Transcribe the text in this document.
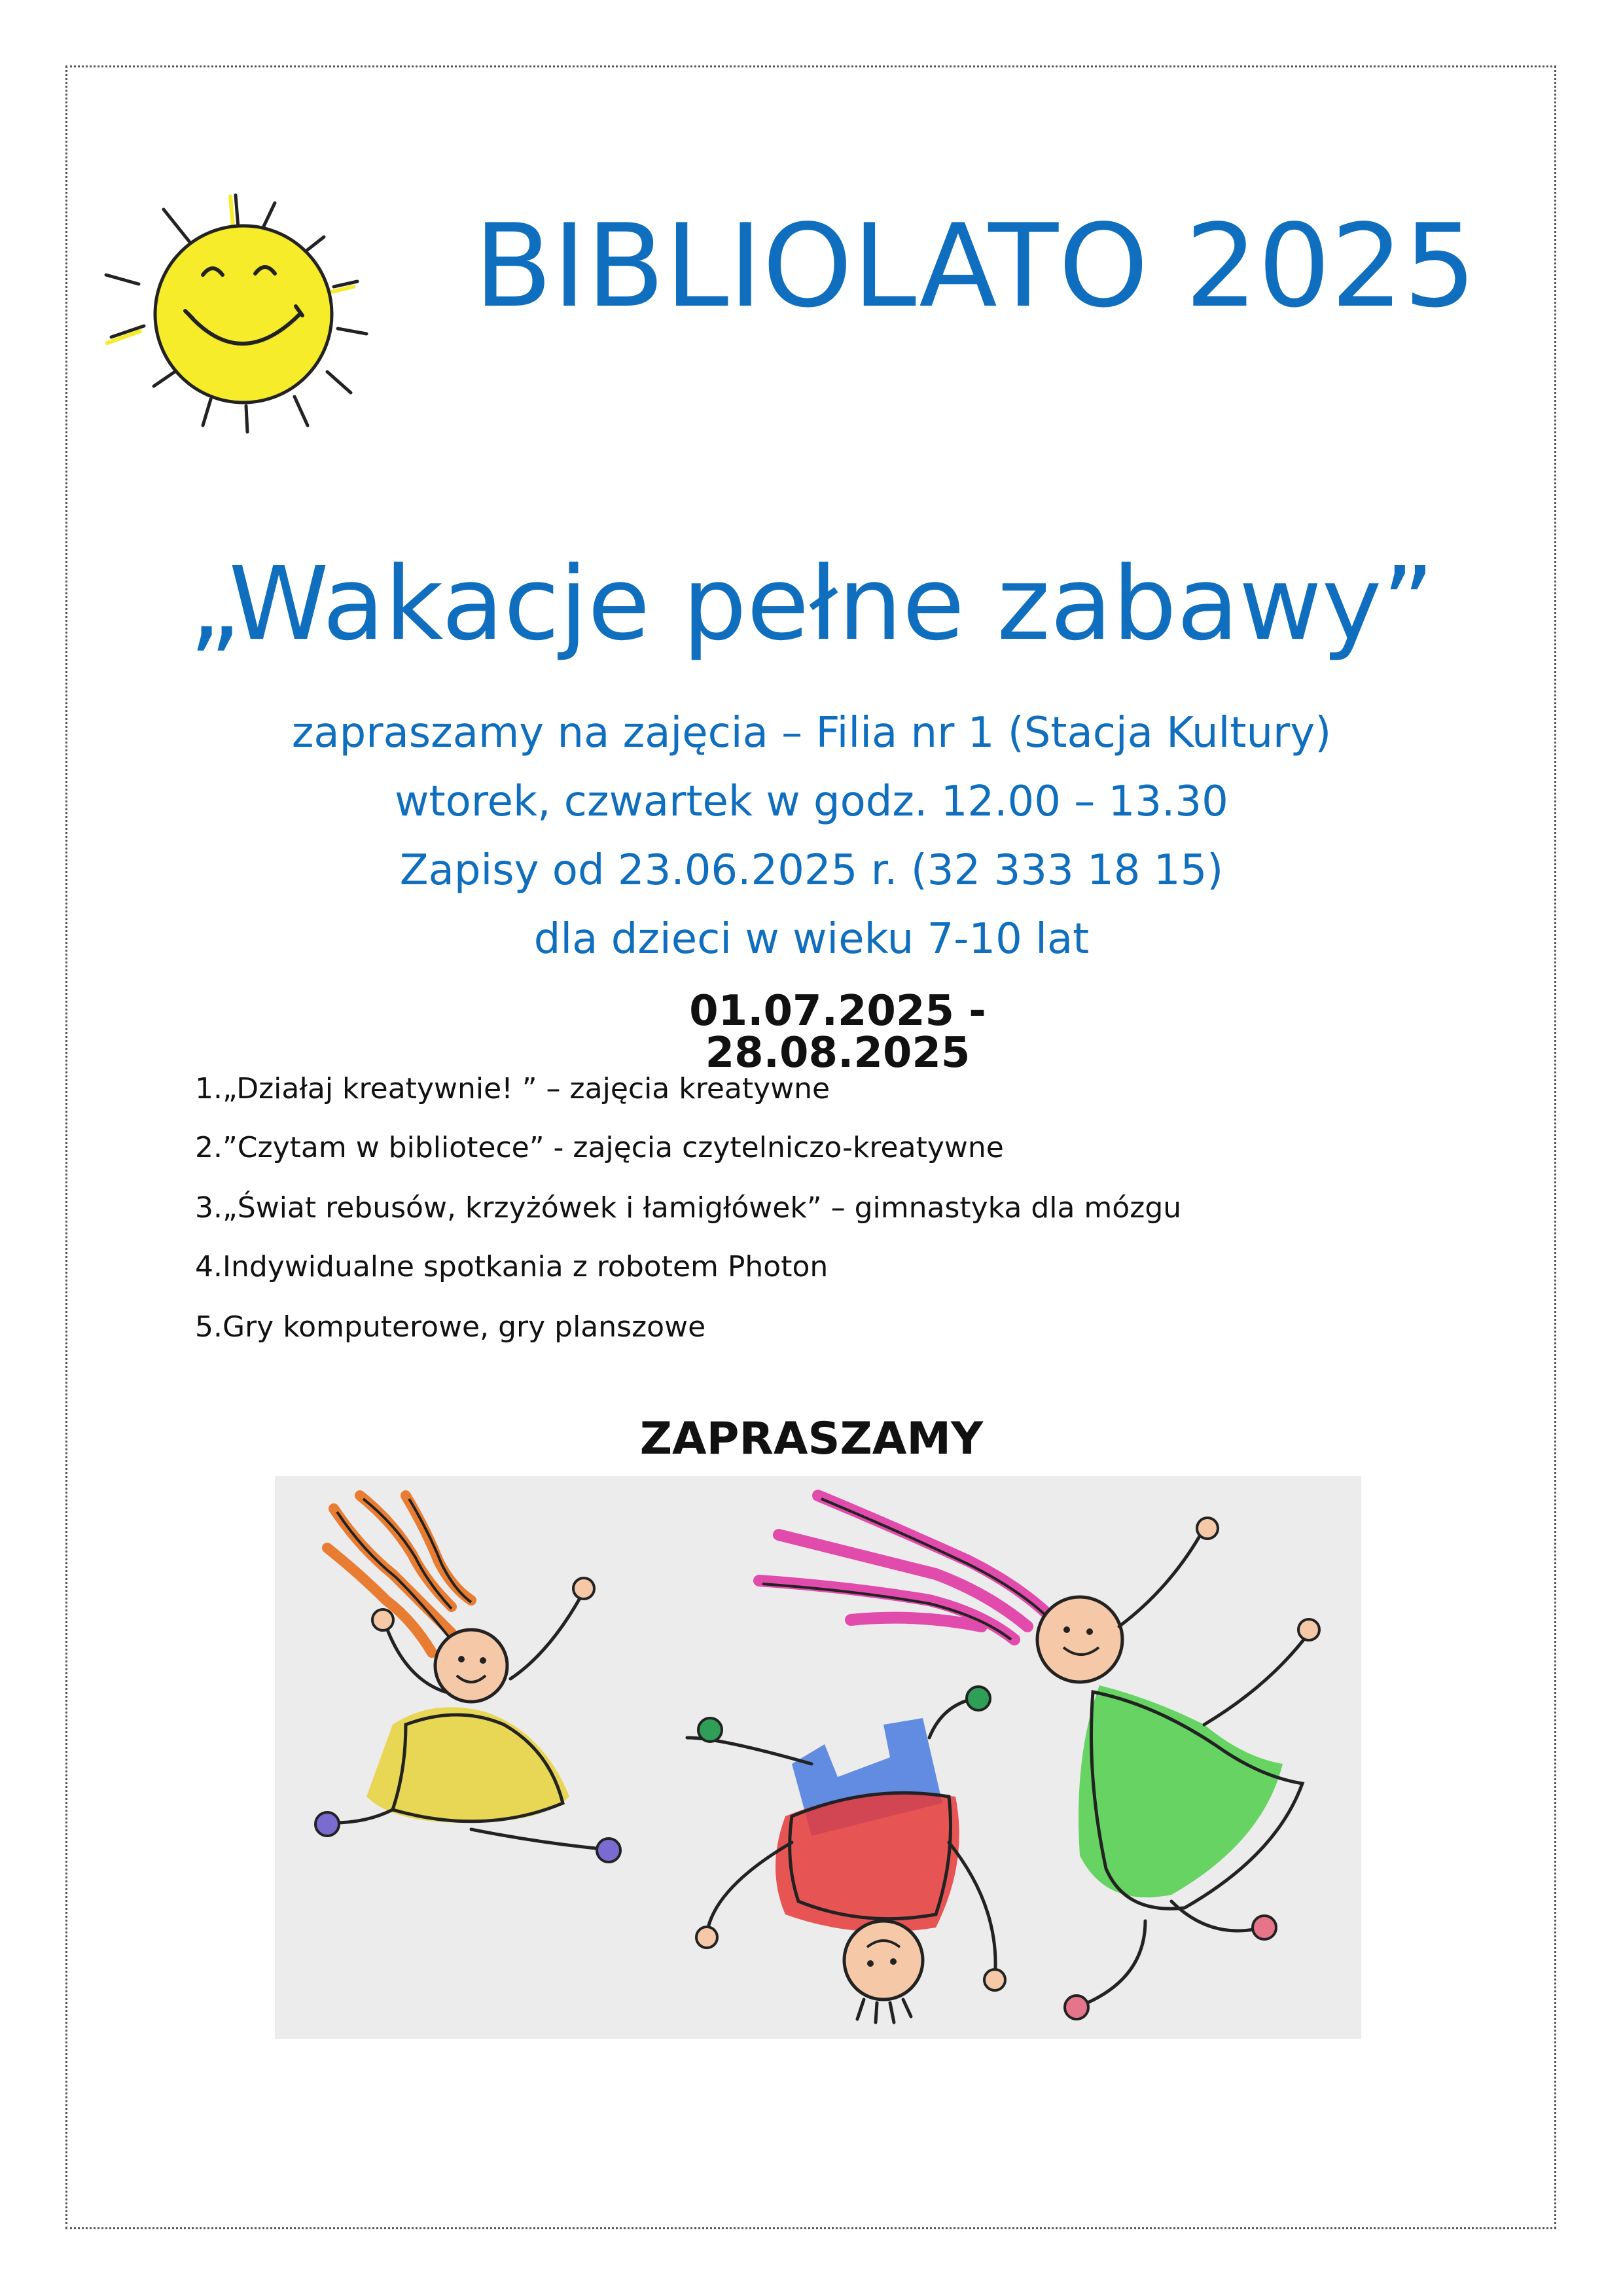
BIBLIOLATO 2025
„Wakacje pełne zabawy”
zapraszamy na zajęcia – Filia nr 1 (Stacja Kultury)
wtorek, czwartek w godz. 12.00 – 13.30
Zapisy od 23.06.2025 r. (32 333 18 15)
dla dzieci w wieku 7-10 lat
01.07.2025 - 28.08.2025
1.„Działaj kreatywnie! ” – zajęcia kreatywne
2.”Czytam w bibliotece” - zajęcia czytelniczo-kreatywne
3.„Świat rebusów, krzyżówek i łamigłówek” – gimnastyka dla mózgu
4.Indywidualne spotkania z robotem Photon
5.Gry komputerowe, gry planszowe
ZAPRASZAMY
